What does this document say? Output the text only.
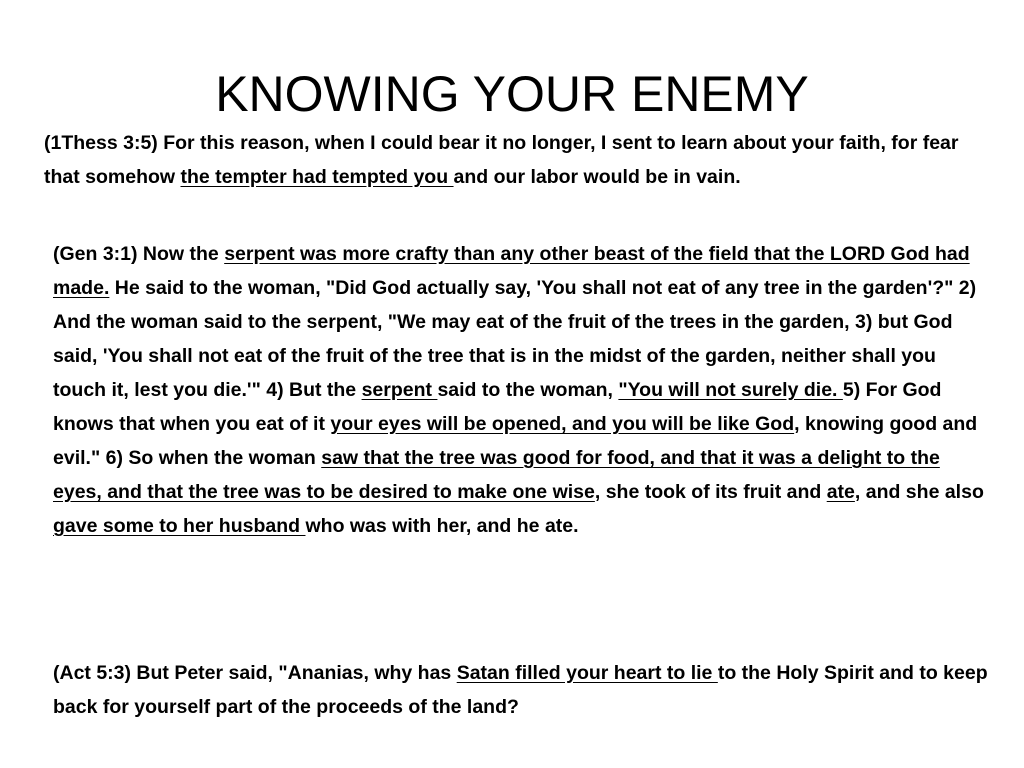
KNOWING YOUR ENEMY

(1Thess 3:5) For this reason, when I could bear it no longer, I sent to learn about your faith, for fear that somehow the tempter had tempted you and our labor would be in vain.

(Gen 3:1) Now the serpent was more crafty than any other beast of the field that the LORD God had made. He said to the woman, "Did God actually say, 'You shall not eat of any tree in the garden'?" 2) And the woman said to the serpent, "We may eat of the fruit of the trees in the garden, 3) but God said, 'You shall not eat of the fruit of the tree that is in the midst of the garden, neither shall you touch it, lest you die.'" 4) But the serpent said to the woman, "You will not surely die. 5) For God knows that when you eat of it your eyes will be opened, and you will be like God, knowing good and evil." 6) So when the woman saw that the tree was good for food, and that it was a delight to the eyes, and that the tree was to be desired to make one wise, she took of its fruit and ate, and she also gave some to her husband who was with her, and he ate.

(Act 5:3) But Peter said, "Ananias, why has Satan filled your heart to lie to the Holy Spirit and to keep back for yourself part of the proceeds of the land?
